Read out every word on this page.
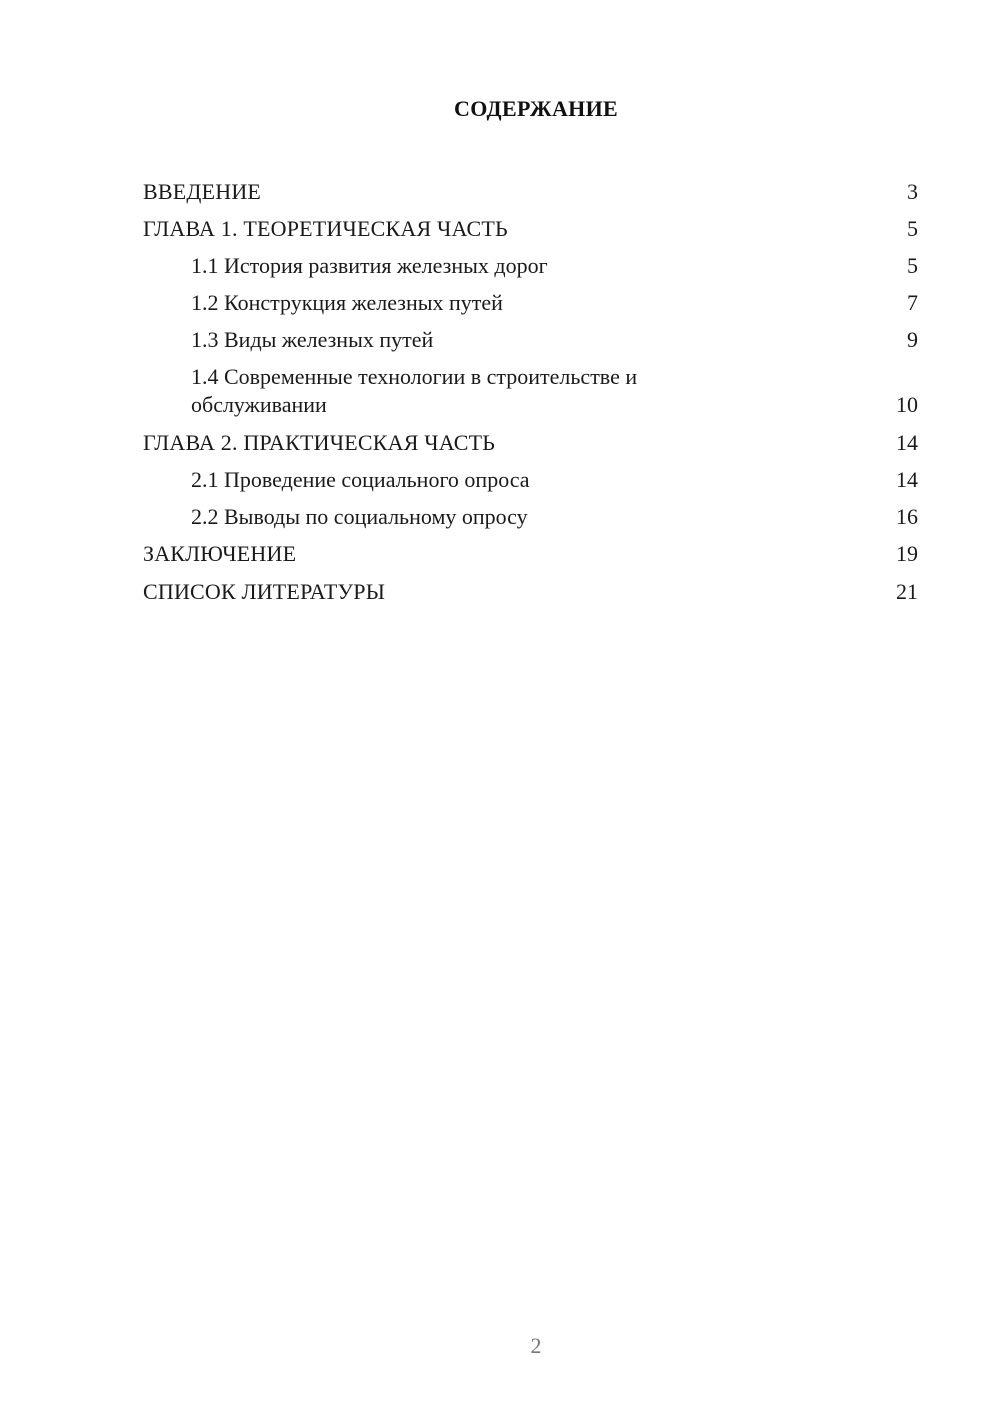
СОДЕРЖАНИЕ
ВВЕДЕНИЕ	3
ГЛАВА 1. ТЕОРЕТИЧЕСКАЯ ЧАСТЬ	5
1.1 История развития железных дорог	5
1.2 Конструкция железных путей	7
1.3 Виды железных путей	9
1.4 Современные технологии в строительстве и обслуживании	10
ГЛАВА 2. ПРАКТИЧЕСКАЯ ЧАСТЬ	14
2.1 Проведение социального опроса	14
2.2 Выводы по социальному опросу	16
ЗАКЛЮЧЕНИЕ	19
СПИСОК ЛИТЕРАТУРЫ	21
2
